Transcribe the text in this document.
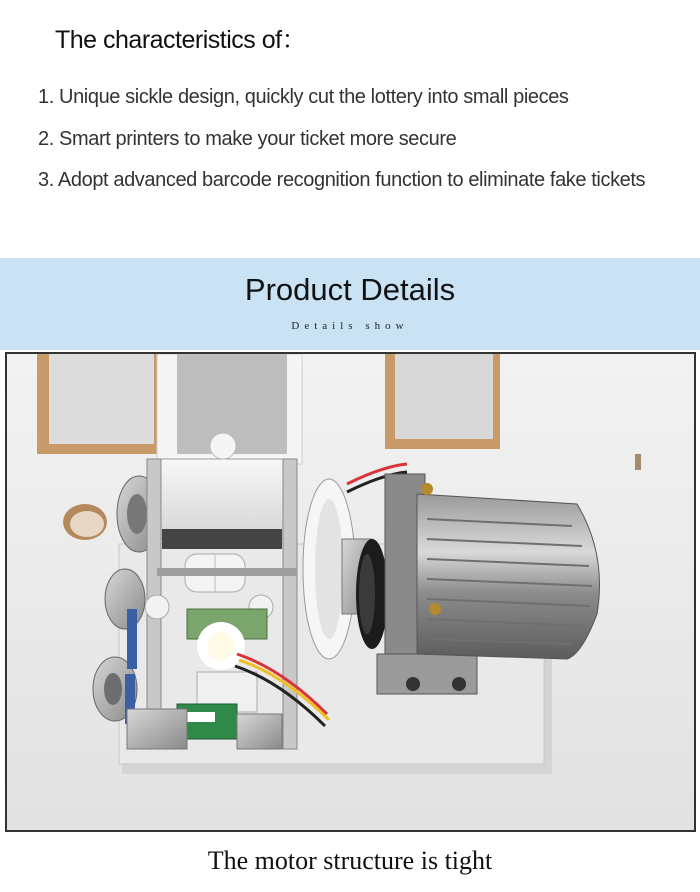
The characteristics of：
1. Unique sickle design, quickly cut the lottery into small pieces
2. Smart printers to make your ticket more secure
3. Adopt advanced barcode recognition function to eliminate fake tickets
Product Details
Details show
The motor structure is tight
